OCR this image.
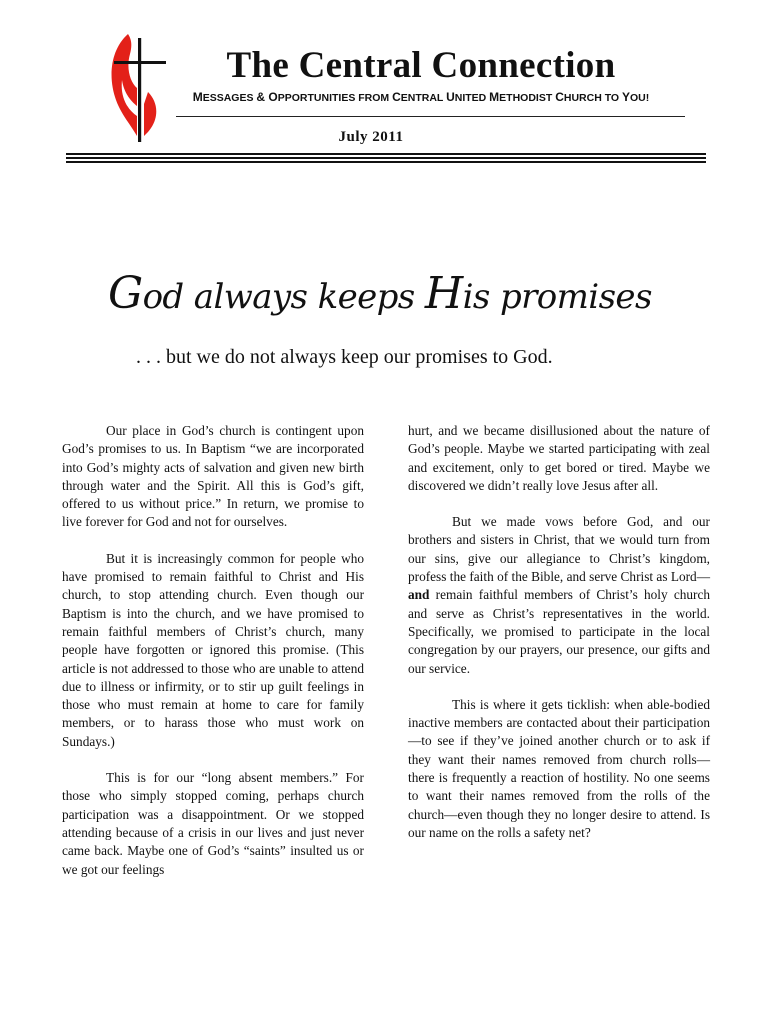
The Central Connection
MESSAGES & OPPORTUNITIES FROM CENTRAL UNITED METHODIST CHURCH TO YOU!
July 2011
God always keeps His promises
. . . but we do not always keep our promises to God.

Our place in God’s church is contingent upon God’s promises to us. In Baptism “we are incorporated into God’s mighty acts of salvation and given new birth through water and the Spirit. All this is God’s gift, offered to us without price.” In return, we promise to live forever for God and not for ourselves.

But it is increasingly common for people who have promised to remain faithful to Christ and His church, to stop attending church. Even though our Baptism is into the church, and we have promised to remain faithful members of Christ’s church, many people have forgotten or ignored this promise. (This article is not addressed to those who are unable to attend due to illness or infirmity, or to stir up guilt feelings in those who must remain at home to care for family members, or to harass those who must work on Sundays.)

This is for our “long absent members.” For those who simply stopped coming, perhaps church participation was a disappointment. Or we stopped attending because of a crisis in our lives and just never came back. Maybe one of God’s “saints” insulted us or we got our feelings

hurt, and we became disillusioned about the nature of God’s people. Maybe we started participating with zeal and excitement, only to get bored or tired. Maybe we discovered we didn’t really love Jesus after all.

But we made vows before God, and our brothers and sisters in Christ, that we would turn from our sins, give our allegiance to Christ’s kingdom, profess the faith of the Bible, and serve Christ as Lord—and remain faithful members of Christ’s holy church and serve as Christ’s representatives in the world. Specifically, we promised to participate in the local congregation by our prayers, our presence, our gifts and our service.

This is where it gets ticklish: when able-bodied inactive members are contacted about their participation—to see if they’ve joined another church or to ask if they want their names removed from church rolls—there is frequently a reaction of hostility. No one seems to want their names removed from the rolls of the church—even though they no longer desire to attend. Is our name on the rolls a safety net?
